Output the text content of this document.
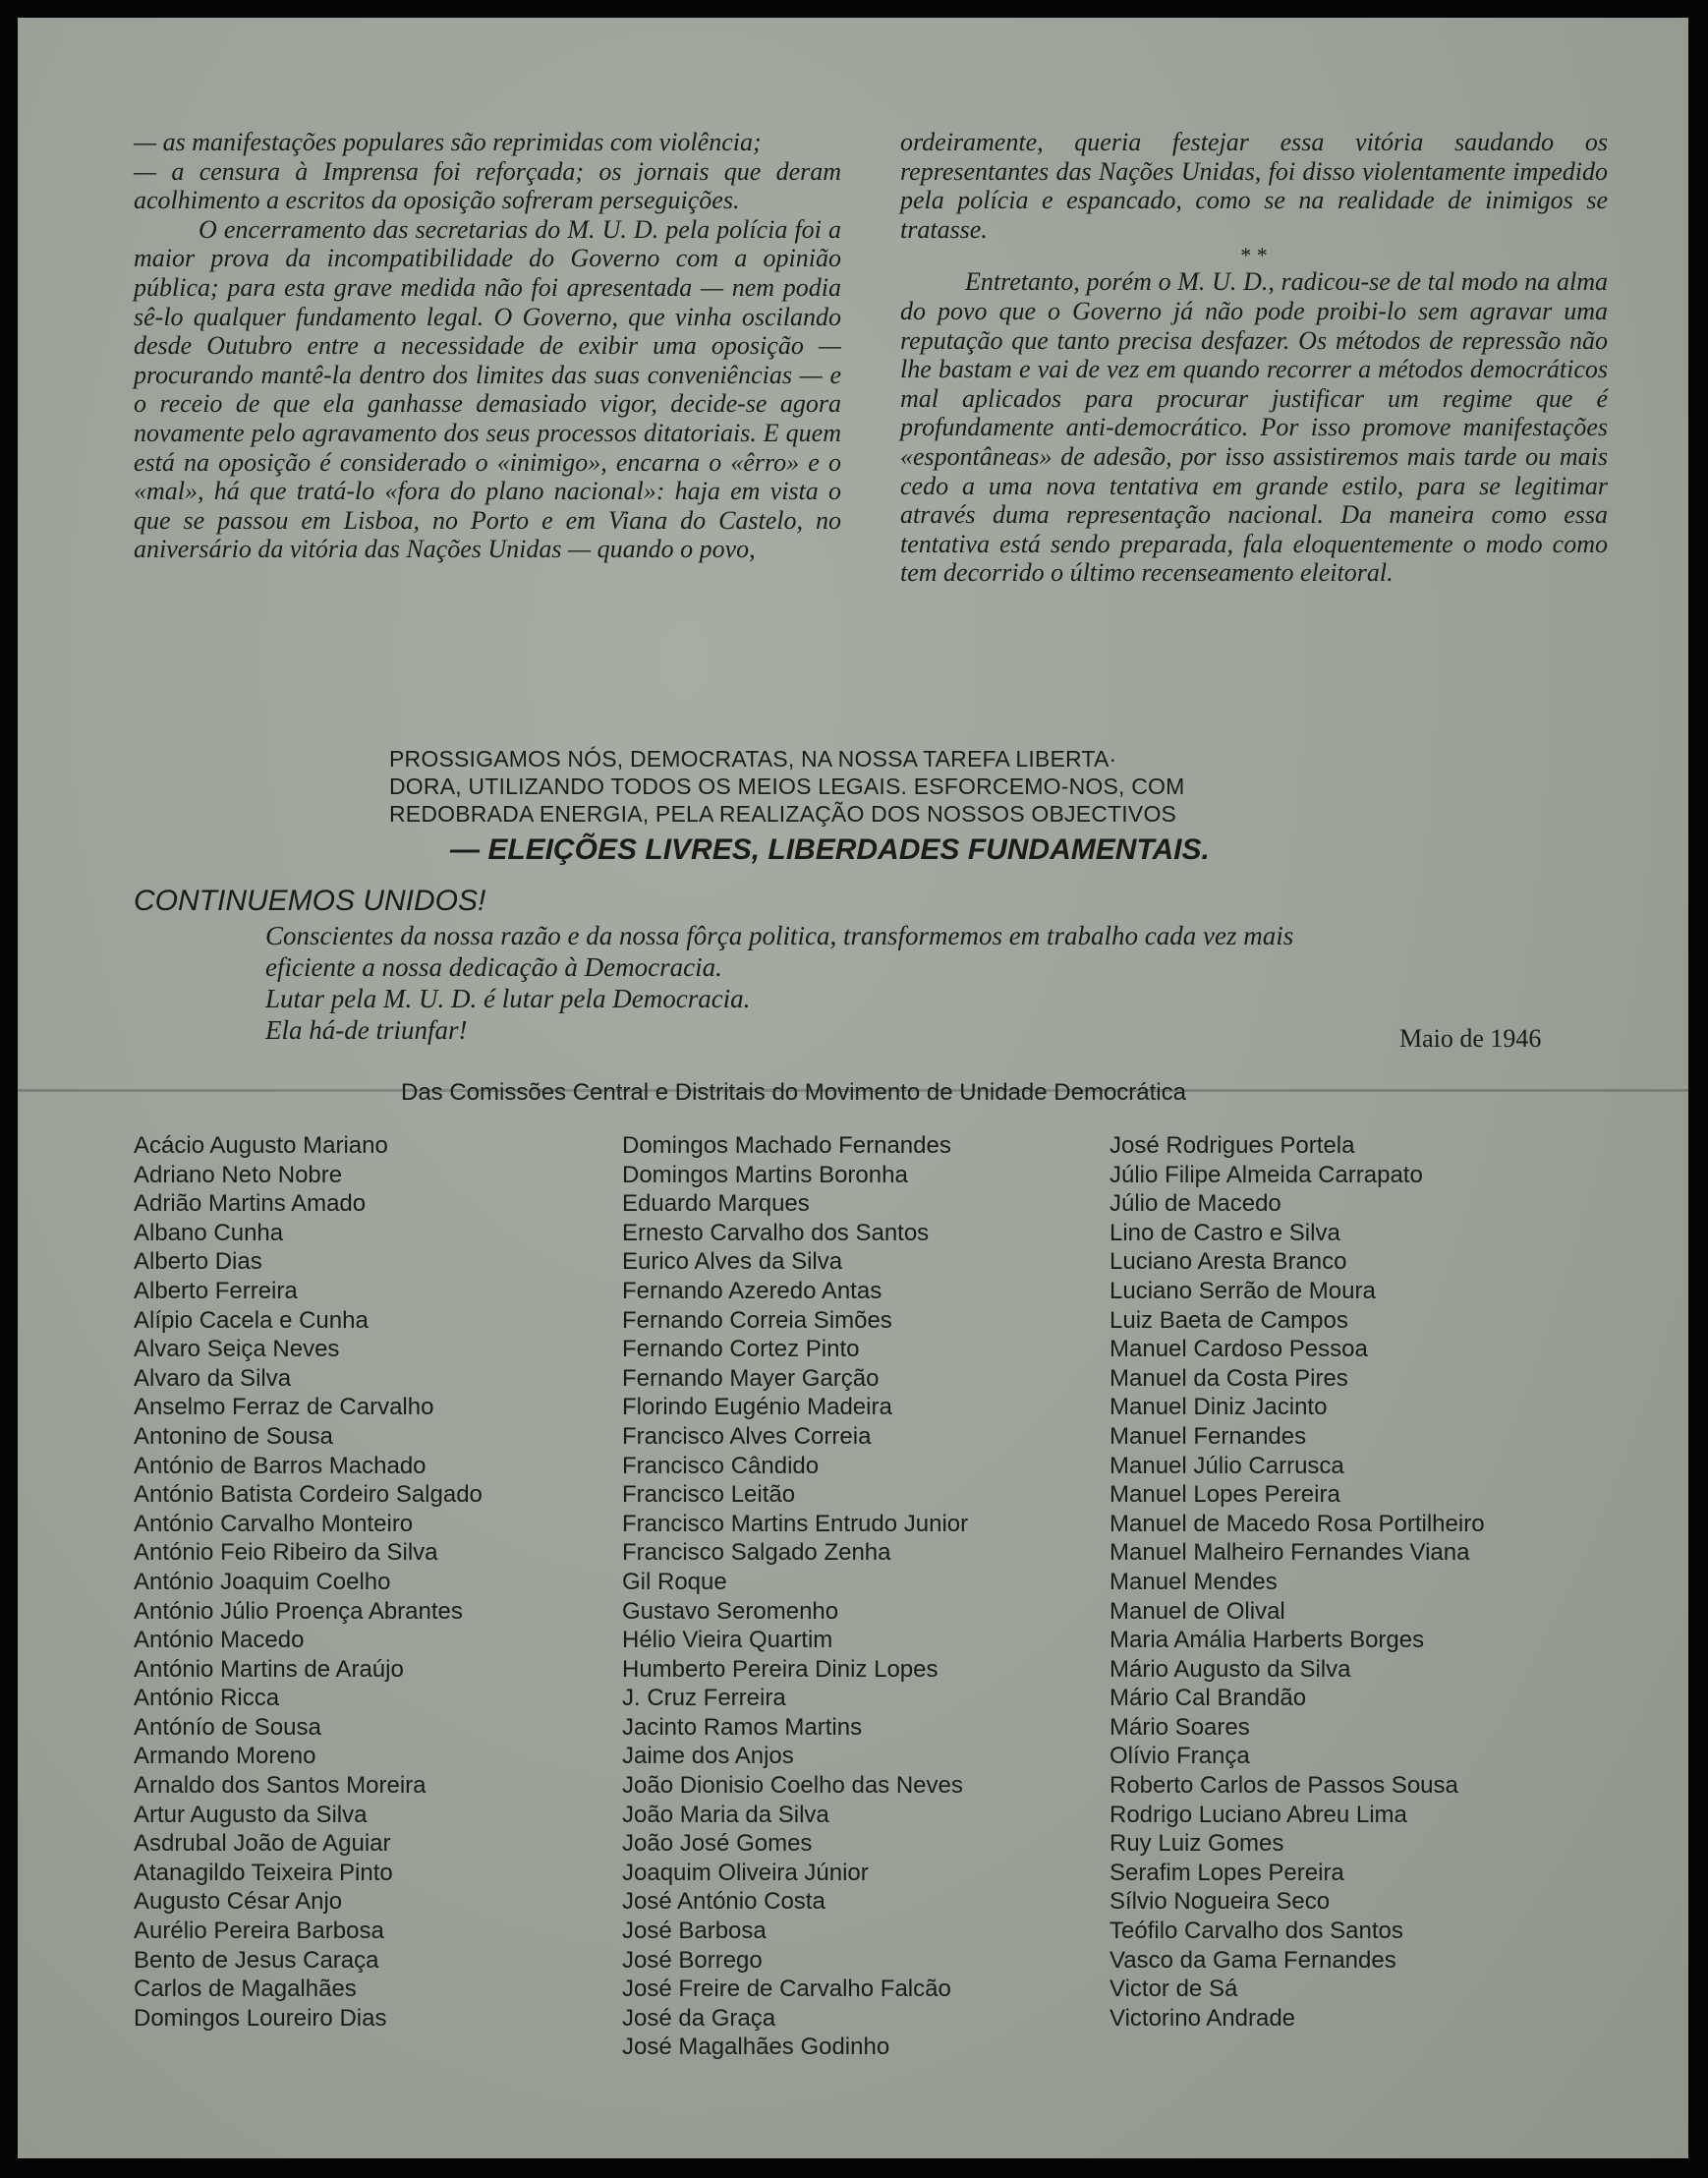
— as manifestações populares são reprimidas com violência;

— a censura à Imprensa foi reforçada; os jornais que deram acolhimento a escritos da oposição sofreram perseguições.

O encerramento das secretarias do M. U. D. pela polícia foi a maior prova da incompatibilidade do Governo com a opinião pública; para esta grave medida não foi apresentada — nem podia sê-lo qualquer fundamento legal. O Governo, que vinha oscilando desde Outubro entre a necessidade de exibir uma oposição — procurando mantê-la dentro dos limites das suas conveniências — e o receio de que ela ganhasse demasiado vigor, decide-se agora novamente pelo agravamento dos seus processos ditatoriais. E quem está na oposição é considerado o «inimigo», encarna o «êrro» e o «mal», há que tratá-lo «fora do plano nacional»: haja em vista o que se passou em Lisboa, no Porto e em Viana do Castelo, no aniversário da vitória das Nações Unidas — quando o povo,

ordeiramente, queria festejar essa vitória saudando os representantes das Nações Unidas, foi disso violentamente impedido pela polícia e espancado, como se na realidade de inimigos se tratasse.

* *

Entretanto, porém o M. U. D., radicou-se de tal modo na alma do povo que o Governo já não pode proibi-lo sem agravar uma reputação que tanto precisa desfazer. Os métodos de repressão não lhe bastam e vai de vez em quando recorrer a métodos democráticos mal aplicados para procurar justificar um regime que é profundamente anti-democrático. Por isso promove manifestações «espontâneas» de adesão, por isso assistiremos mais tarde ou mais cedo a uma nova tentativa em grande estilo, para se legitimar através duma representação nacional. Da maneira como essa tentativa está sendo preparada, fala eloquentemente o modo como tem decorrido o último recenseamento eleitoral.

PROSSIGAMOS NÓS, DEMOCRATAS, NA NOSSA TAREFA LIBERTA·

DORA, UTILIZANDO TODOS OS MEIOS LEGAIS. ESFORCEMO-NOS, COM

REDOBRADA ENERGIA, PELA REALIZAÇÃO DOS NOSSOS OBJECTIVOS

— ELEIÇÕES LIVRES, LIBERDADES FUNDAMENTAIS.
CONTINUEMOS UNIDOS!

Conscientes da nossa razão e da nossa fôrça politica, transformemos em trabalho cada vez mais

eficiente a nossa dedicação à Democracia.

Lutar pela M. U. D. é lutar pela Democracia.

Ela há-de triunfar!	Maio de 1946
Das Comissões Central e Distritais do Movimento de Unidade Democrática
Acácio Augusto Mariano
Adriano Neto Nobre
Adrião Martins Amado
Albano Cunha
Alberto Dias
Alberto Ferreira
Alípio Cacela e Cunha
Alvaro Seiça Neves
Alvaro da Silva
Anselmo Ferraz de Carvalho
Antonino de Sousa
António de Barros Machado
António Batista Cordeiro Salgado
António Carvalho Monteiro
António Feio Ribeiro da Silva
António Joaquim Coelho
António Júlio Proença Abrantes
António Macedo
António Martins de Araújo
António Ricca
Antónío de Sousa
Armando Moreno
Arnaldo dos Santos Moreira
Artur Augusto da Silva
Asdrubal João de Aguiar
Atanagildo Teixeira Pinto
Augusto César Anjo
Aurélio Pereira Barbosa
Bento de Jesus Caraça
Carlos de Magalhães
Domingos Loureiro Dias
Domingos Machado Fernandes
Domingos Martins Boronha
Eduardo Marques
Ernesto Carvalho dos Santos
Eurico Alves da Silva
Fernando Azeredo Antas
Fernando Correia Simões
Fernando Cortez Pinto
Fernando Mayer Garção
Florindo Eugénio Madeira
Francisco Alves Correia
Francisco Cândido
Francisco Leitão
Francisco Martins Entrudo Junior
Francisco Salgado Zenha
Gil Roque
Gustavo Seromenho
Hélio Vieira Quartim
Humberto Pereira Diniz Lopes
J. Cruz Ferreira
Jacinto Ramos Martins
Jaime dos Anjos
João Dionisio Coelho das Neves
João Maria da Silva
João José Gomes
Joaquim Oliveira Júnior
José António Costa
José Barbosa
José Borrego
José Freire de Carvalho Falcão
José da Graça
José Magalhães Godinho
José Rodrigues Portela
Júlio Filipe Almeida Carrapato
Júlio de Macedo
Lino de Castro e Silva
Luciano Aresta Branco
Luciano Serrão de Moura
Luiz Baeta de Campos
Manuel Cardoso Pessoa
Manuel da Costa Pires
Manuel Diniz Jacinto
Manuel Fernandes
Manuel Júlio Carrusca
Manuel Lopes Pereira
Manuel de Macedo Rosa Portilheiro
Manuel Malheiro Fernandes Viana
Manuel Mendes
Manuel de Olival
Maria Amália Harberts Borges
Mário Augusto da Silva
Mário Cal Brandão
Mário Soares
Olívio França
Roberto Carlos de Passos Sousa
Rodrigo Luciano Abreu Lima
Ruy Luiz Gomes
Serafim Lopes Pereira
Sílvio Nogueira Seco
Teófilo Carvalho dos Santos
Vasco da Gama Fernandes
Victor de Sá
Victorino Andrade
